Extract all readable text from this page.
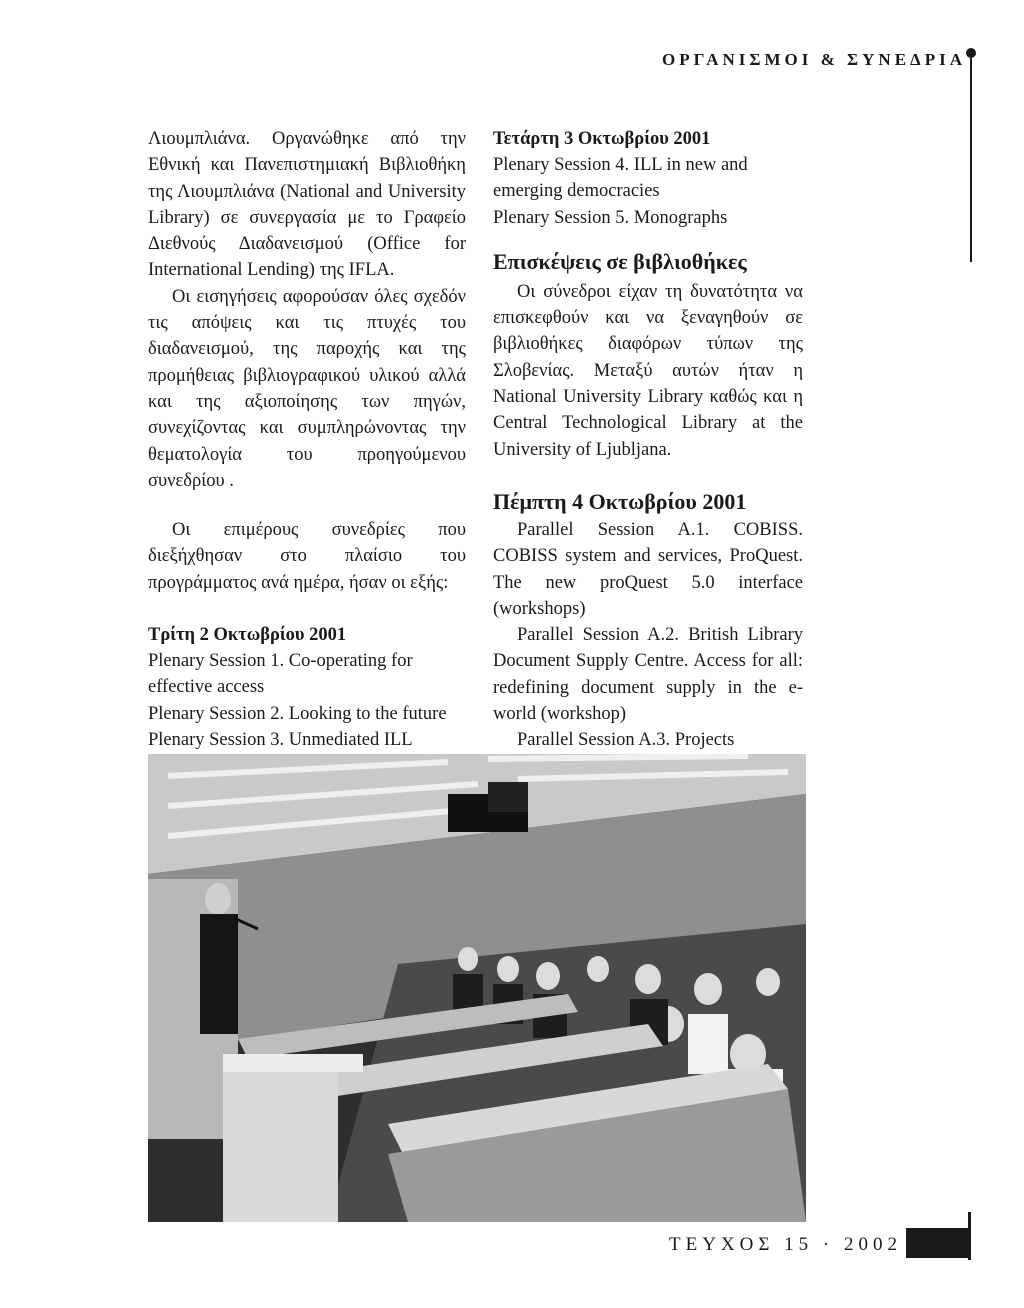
ΟΡΓΑΝΙΣΜΟΙ & ΣΥΝΕΔΡΙΑ

Λιουμπλιάνα. Οργανώθηκε από την Εθνική και Πανεπιστημιακή Βιβλιοθήκη της Λιουμπλιάνα (National and University Library) σε συνεργασία με το Γραφείο Διεθνούς Διαδανεισμού (Office for International Lending) της IFLA.

Οι εισηγήσεις αφορούσαν όλες σχεδόν τις απόψεις και τις πτυχές του διαδανεισμού, της παροχής και της προμήθειας βιβλιογραφικού υλικού αλλά και της αξιοποίησης των πηγών, συνεχίζοντας και συμπληρώνοντας την θεματολογία του προηγούμενου συνεδρίου .

Οι επιμέρους συνεδρίες που διεξήχθησαν στο πλαίσιο του προγράμματος ανά ημέρα, ήσαν οι εξής:

Τρίτη 2 Οκτωβρίου 2001
Plenary Session 1. Co-operating for
effective access
Plenary Session 2. Looking to the future
Plenary Session 3. Unmediated ILL
Τετάρτη 3 Οκτωβρίου 2001
Plenary Session 4. ILL in new and
emerging democracies
Plenary Session 5. Monographs
Επισκέψεις σε βιβλιοθήκες

Οι σύνεδροι είχαν τη δυνατότητα να επισκεφθούν και να ξεναγηθούν σε βιβλιοθήκες διαφόρων τύπων της Σλοβενίας. Μεταξύ αυτών ήταν η National University Library καθώς και η Central Technological Library at the University of Ljubljana.

Πέμπτη 4 Οκτωβρίου 2001

Parallel Session A.1. COBISS. COBISS system and services, ProQuest. The new proQuest 5.0 interface (workshops)

Parallel Session A.2. British Library Document Supply Centre. Access for all: redefining document supply in the e-world (workshop)

Parallel Session A.3. Projects

ΤΕΥΧΟΣ 15 · 2002
